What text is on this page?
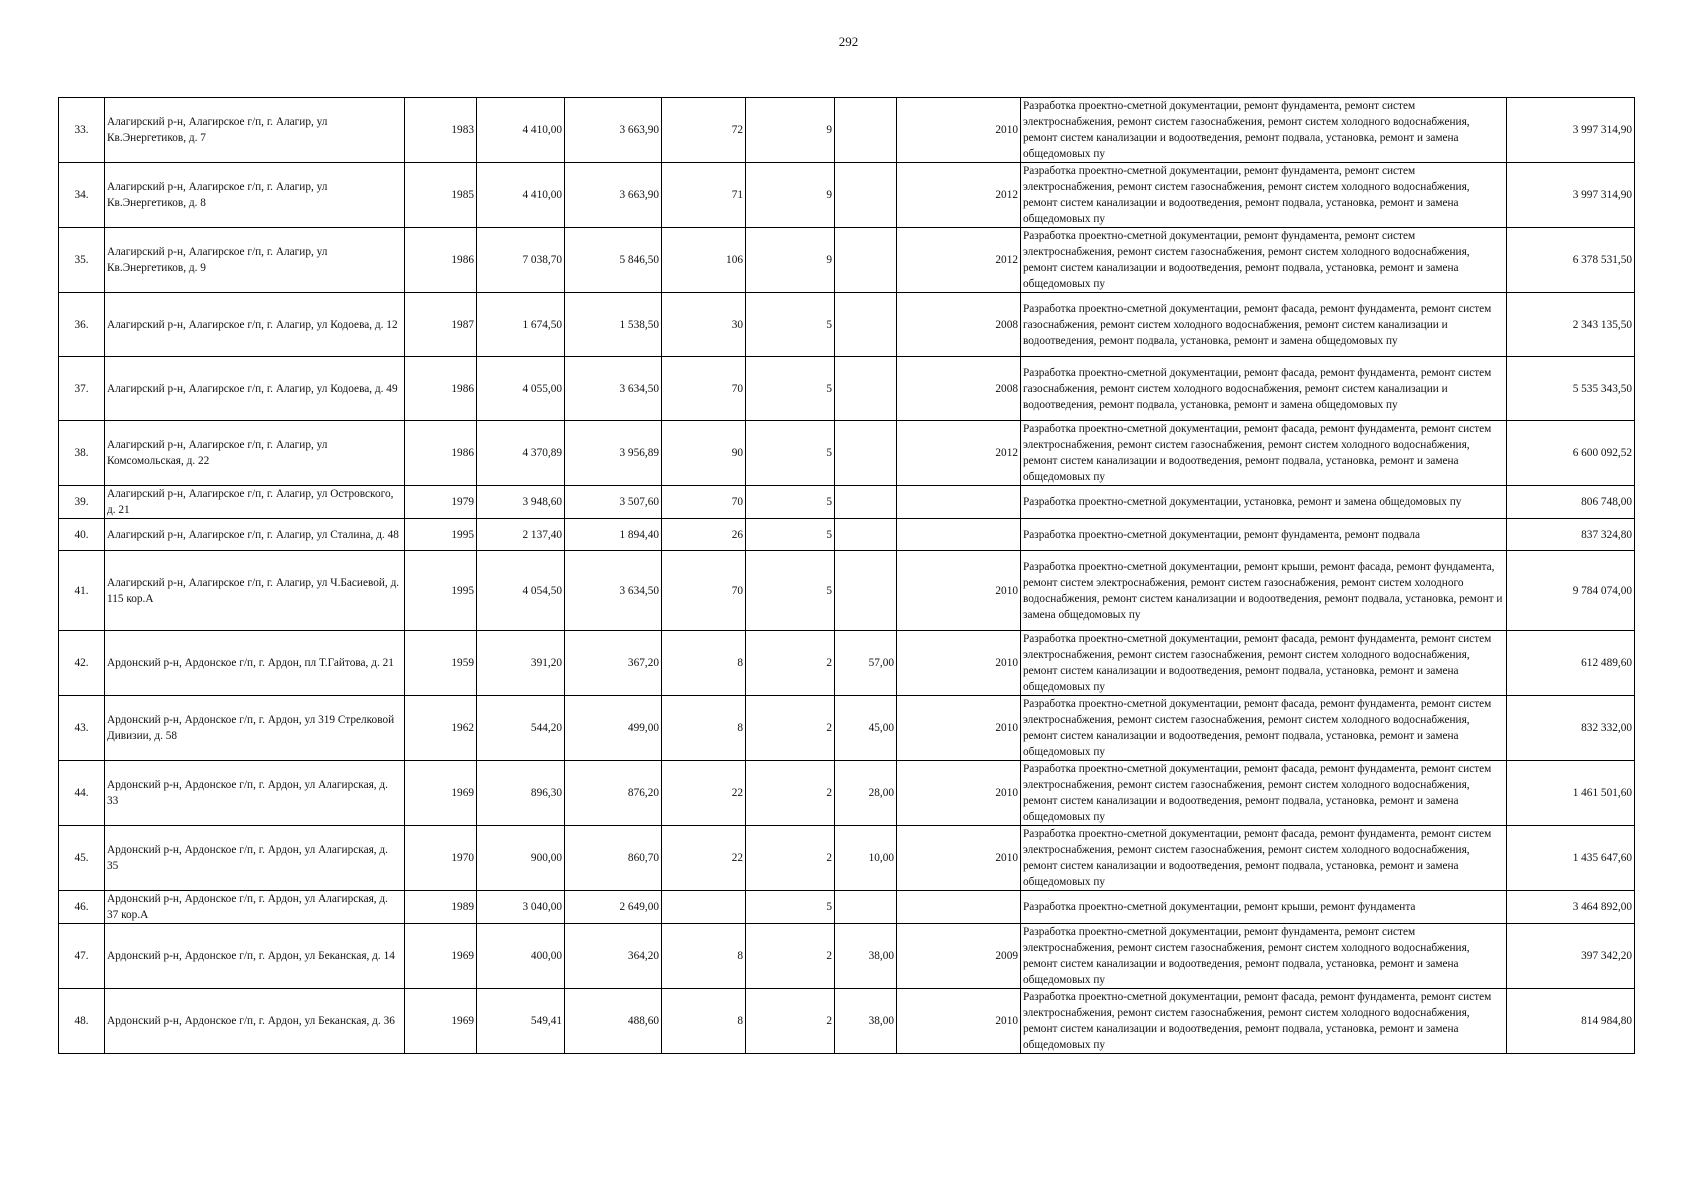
292
33.	Алагирский р-н, Алагирское г/п, г. Алагир, ул Кв.Энергетиков, д. 7	1983	4 410,00	3 663,90	72	9		2010	Разработка проектно-сметной документации, ремонт фундамента, ремонт систем электроснабжения, ремонт систем газоснабжения, ремонт систем холодного водоснабжения, ремонт систем канализации и водоотведения, ремонт подвала, установка, ремонт и замена общедомовых пу	3 997 314,90
34.	Алагирский р-н, Алагирское г/п, г. Алагир, ул Кв.Энергетиков, д. 8	1985	4 410,00	3 663,90	71	9		2012	Разработка проектно-сметной документации, ремонт фундамента, ремонт систем электроснабжения, ремонт систем газоснабжения, ремонт систем холодного водоснабжения, ремонт систем канализации и водоотведения, ремонт подвала, установка, ремонт и замена общедомовых пу	3 997 314,90
35.	Алагирский р-н, Алагирское г/п, г. Алагир, ул Кв.Энергетиков, д. 9	1986	7 038,70	5 846,50	106	9		2012	Разработка проектно-сметной документации, ремонт фундамента, ремонт систем электроснабжения, ремонт систем газоснабжения, ремонт систем холодного водоснабжения, ремонт систем канализации и водоотведения, ремонт подвала, установка, ремонт и замена общедомовых пу	6 378 531,50
36.	Алагирский р-н, Алагирское г/п, г. Алагир, ул Кодоева, д. 12	1987	1 674,50	1 538,50	30	5		2008	Разработка проектно-сметной документации, ремонт фасада, ремонт фундамента, ремонт систем газоснабжения, ремонт систем холодного водоснабжения, ремонт систем канализации и водоотведения, ремонт подвала, установка, ремонт и замена общедомовых пу	2 343 135,50
37.	Алагирский р-н, Алагирское г/п, г. Алагир, ул Кодоева, д. 49	1986	4 055,00	3 634,50	70	5		2008	Разработка проектно-сметной документации, ремонт фасада, ремонт фундамента, ремонт систем газоснабжения, ремонт систем холодного водоснабжения, ремонт систем канализации и водоотведения, ремонт подвала, установка, ремонт и замена общедомовых пу	5 535 343,50
38.	Алагирский р-н, Алагирское г/п, г. Алагир, ул Комсомольская, д. 22	1986	4 370,89	3 956,89	90	5		2012	Разработка проектно-сметной документации, ремонт фасада, ремонт фундамента, ремонт систем электроснабжения, ремонт систем газоснабжения, ремонт систем холодного водоснабжения, ремонт систем канализации и водоотведения, ремонт подвала, установка, ремонт и замена общедомовых пу	6 600 092,52
39.	Алагирский р-н, Алагирское г/п, г. Алагир, ул Островского, д. 21	1979	3 948,60	3 507,60	70	5			Разработка проектно-сметной документации, установка, ремонт и замена общедомовых пу	806 748,00
40.	Алагирский р-н, Алагирское г/п, г. Алагир, ул Сталина, д. 48	1995	2 137,40	1 894,40	26	5			Разработка проектно-сметной документации, ремонт фундамента, ремонт подвала	837 324,80
41.	Алагирский р-н, Алагирское г/п, г. Алагир, ул Ч.Басиевой, д. 115 кор.А	1995	4 054,50	3 634,50	70	5		2010	Разработка проектно-сметной документации, ремонт крыши, ремонт фасада, ремонт фундамента, ремонт систем электроснабжения, ремонт систем газоснабжения, ремонт систем холодного водоснабжения, ремонт систем канализации и водоотведения, ремонт подвала, установка, ремонт и замена общедомовых пу	9 784 074,00
42.	Ардонский р-н, Ардонское г/п, г. Ардон, пл Т.Гайтова, д. 21	1959	391,20	367,20	8	2	57,00	2010	Разработка проектно-сметной документации, ремонт фасада, ремонт фундамента, ремонт систем электроснабжения, ремонт систем газоснабжения, ремонт систем холодного водоснабжения, ремонт систем канализации и водоотведения, ремонт подвала, установка, ремонт и замена общедомовых пу	612 489,60
43.	Ардонский р-н, Ардонское г/п, г. Ардон, ул 319 Стрелковой Дивизии, д. 58	1962	544,20	499,00	8	2	45,00	2010	Разработка проектно-сметной документации, ремонт фасада, ремонт фундамента, ремонт систем электроснабжения, ремонт систем газоснабжения, ремонт систем холодного водоснабжения, ремонт систем канализации и водоотведения, ремонт подвала, установка, ремонт и замена общедомовых пу	832 332,00
44.	Ардонский р-н, Ардонское г/п, г. Ардон, ул Алагирская, д. 33	1969	896,30	876,20	22	2	28,00	2010	Разработка проектно-сметной документации, ремонт фасада, ремонт фундамента, ремонт систем электроснабжения, ремонт систем газоснабжения, ремонт систем холодного водоснабжения, ремонт систем канализации и водоотведения, ремонт подвала, установка, ремонт и замена общедомовых пу	1 461 501,60
45.	Ардонский р-н, Ардонское г/п, г. Ардон, ул Алагирская, д. 35	1970	900,00	860,70	22	2	10,00	2010	Разработка проектно-сметной документации, ремонт фасада, ремонт фундамента, ремонт систем электроснабжения, ремонт систем газоснабжения, ремонт систем холодного водоснабжения, ремонт систем канализации и водоотведения, ремонт подвала, установка, ремонт и замена общедомовых пу	1 435 647,60
46.	Ардонский р-н, Ардонское г/п, г. Ардон, ул Алагирская, д. 37 кор.А	1989	3 040,00	2 649,00		5			Разработка проектно-сметной документации, ремонт крыши, ремонт фундамента	3 464 892,00
47.	Ардонский р-н, Ардонское г/п, г. Ардон, ул Беканская, д. 14	1969	400,00	364,20	8	2	38,00	2009	Разработка проектно-сметной документации, ремонт фундамента, ремонт систем электроснабжения, ремонт систем газоснабжения, ремонт систем холодного водоснабжения, ремонт систем канализации и водоотведения, ремонт подвала, установка, ремонт и замена общедомовых пу	397 342,20
48.	Ардонский р-н, Ардонское г/п, г. Ардон, ул Беканская, д. 36	1969	549,41	488,60	8	2	38,00	2010	Разработка проектно-сметной документации, ремонт фасада, ремонт фундамента, ремонт систем электроснабжения, ремонт систем газоснабжения, ремонт систем холодного водоснабжения, ремонт систем канализации и водоотведения, ремонт подвала, установка, ремонт и замена общедомовых пу	814 984,80
